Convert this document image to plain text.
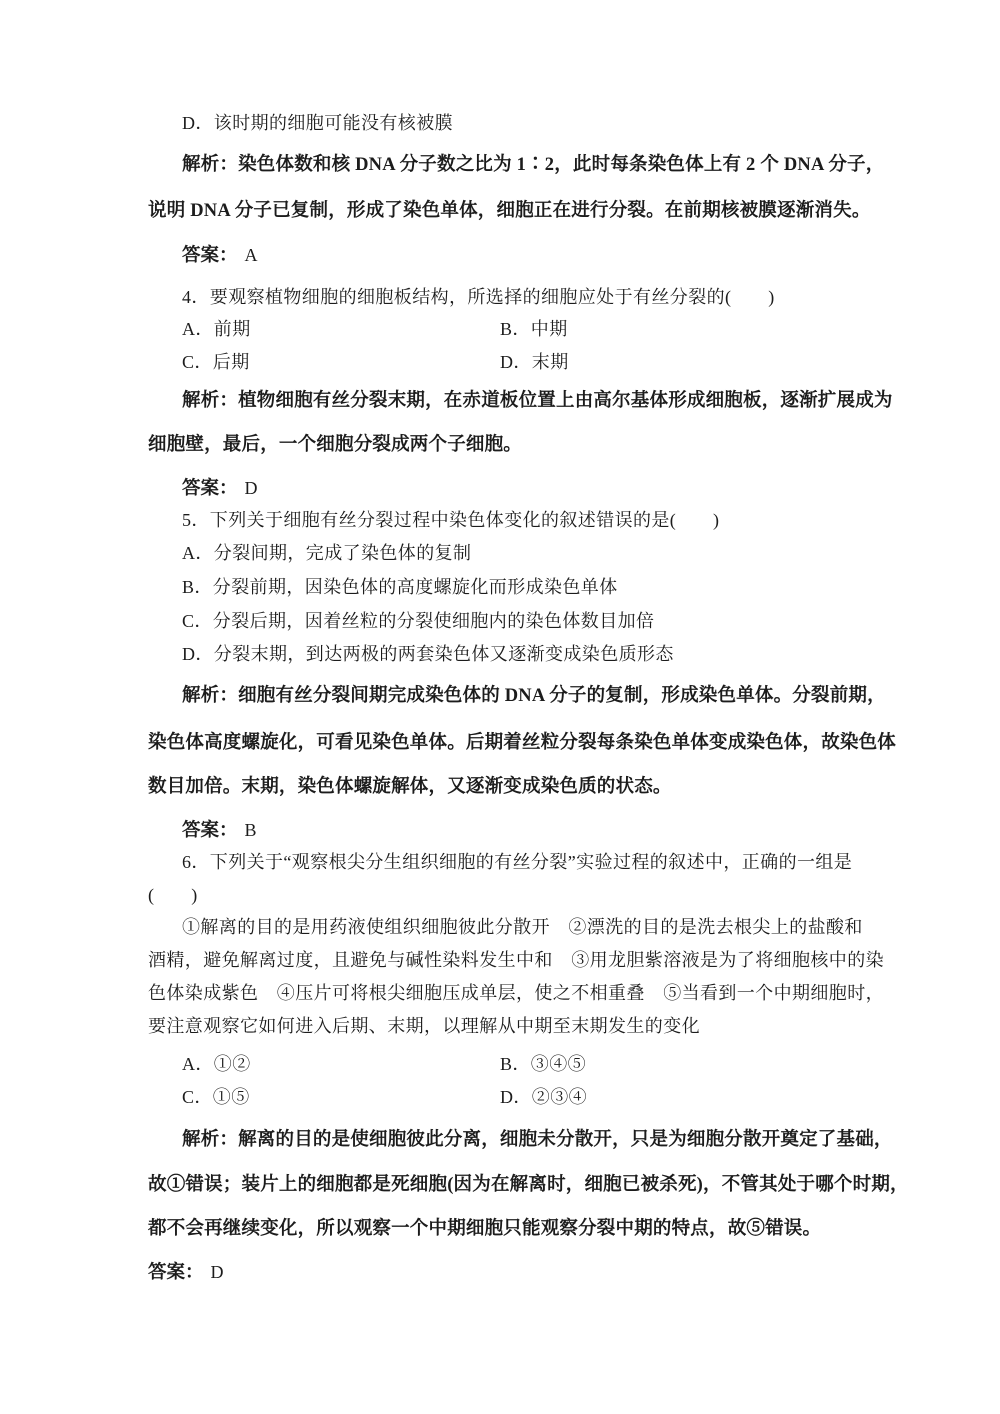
D．该时期的细胞可能没有核被膜
解析：染色体数和核 DNA 分子数之比为 1∶2，此时每条染色体上有 2 个 DNA 分子，
说明 DNA 分子已复制，形成了染色单体，细胞正在进行分裂。在前期核被膜逐渐消失。
答案： A
4．要观察植物细胞的细胞板结构，所选择的细胞应处于有丝分裂的(　　)
A．前期	B．中期
C．后期	D．末期
解析：植物细胞有丝分裂末期，在赤道板位置上由高尔基体形成细胞板，逐渐扩展成为
细胞壁，最后，一个细胞分裂成两个子细胞。
答案： D
5．下列关于细胞有丝分裂过程中染色体变化的叙述错误的是(　　)
A．分裂间期，完成了染色体的复制
B．分裂前期，因染色体的高度螺旋化而形成染色单体
C．分裂后期，因着丝粒的分裂使细胞内的染色体数目加倍
D．分裂末期，到达两极的两套染色体又逐渐变成染色质形态
解析：细胞有丝分裂间期完成染色体的 DNA 分子的复制，形成染色单体。分裂前期，
染色体高度螺旋化，可看见染色单体。后期着丝粒分裂每条染色单体变成染色体，故染色体
数目加倍。末期，染色体螺旋解体，又逐渐变成染色质的状态。
答案： B
6．下列关于“观察根尖分生组织细胞的有丝分裂”实验过程的叙述中，正确的一组是
(　　)
①解离的目的是用药液使组织细胞彼此分散开　②漂洗的目的是洗去根尖上的盐酸和
酒精，避免解离过度，且避免与碱性染料发生中和　③用龙胆紫溶液是为了将细胞核中的染
色体染成紫色　④压片可将根尖细胞压成单层，使之不相重叠　⑤当看到一个中期细胞时，
要注意观察它如何进入后期、末期，以理解从中期至末期发生的变化
A．①②	B．③④⑤
C．①⑤	D．②③④
解析：解离的目的是使细胞彼此分离，细胞未分散开，只是为细胞分散开奠定了基础，
故①错误；装片上的细胞都是死细胞(因为在解离时，细胞已被杀死)，不管其处于哪个时期，
都不会再继续变化，所以观察一个中期细胞只能观察分裂中期的特点，故⑤错误。
答案： D
